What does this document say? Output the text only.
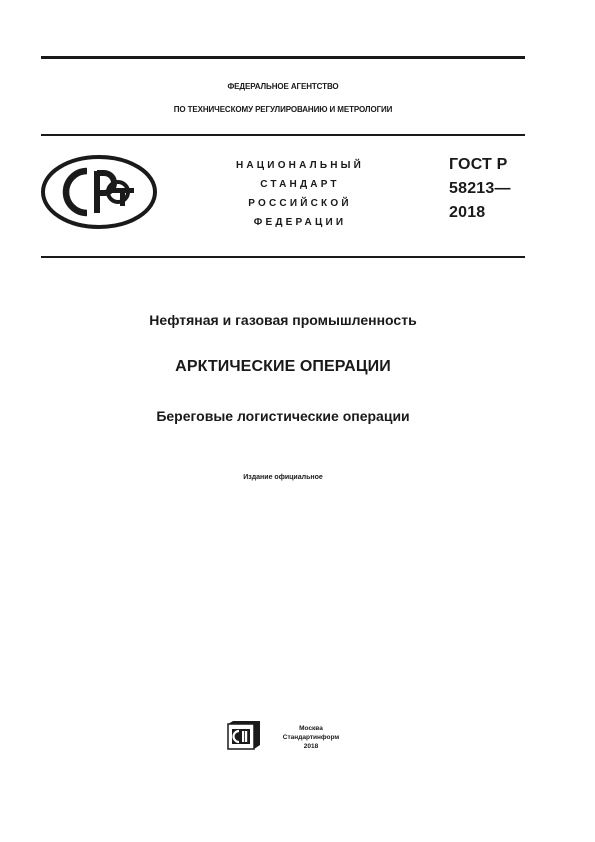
ФЕДЕРАЛЬНОЕ АГЕНТСТВО
ПО ТЕХНИЧЕСКОМУ РЕГУЛИРОВАНИЮ И МЕТРОЛОГИИ
НАЦИОНАЛЬНЫЙ
СТАНДАРТ
РОССИЙСКОЙ
ФЕДЕРАЦИИ
ГОСТ Р
58213—
2018
Нефтяная и газовая промышленность
АРКТИЧЕСКИЕ ОПЕРАЦИИ
Береговые логистические операции
Издание официальное
Москва
Стандартинформ
2018
